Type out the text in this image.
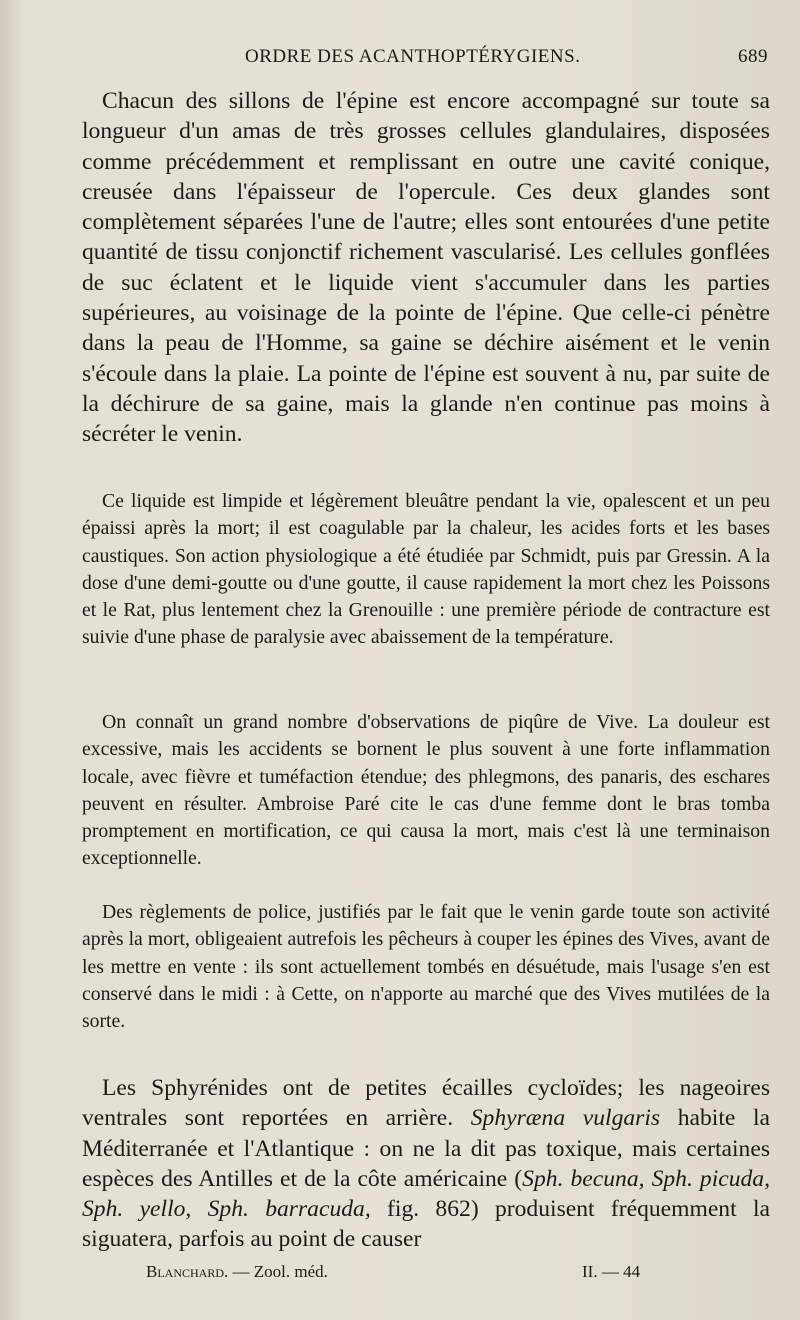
ORDRE DES ACANTHOPTÉRYGIENS.	689

Chacun des sillons de l'épine est encore accompagné sur toute sa longueur d'un amas de très grosses cellules glandulaires, disposées comme précédemment et remplissant en outre une cavité conique, creusée dans l'épaisseur de l'opercule. Ces deux glandes sont complètement séparées l'une de l'autre; elles sont entourées d'une petite quantité de tissu conjonctif richement vascularisé. Les cellules gonflées de suc éclatent et le liquide vient s'accumuler dans les parties supérieures, au voisinage de la pointe de l'épine. Que celle-ci pénètre dans la peau de l'Homme, sa gaine se déchire aisément et le venin s'écoule dans la plaie. La pointe de l'épine est souvent à nu, par suite de la déchirure de sa gaine, mais la glande n'en continue pas moins à sécréter le venin.

Ce liquide est limpide et légèrement bleuâtre pendant la vie, opalescent et un peu épaissi après la mort; il est coagulable par la chaleur, les acides forts et les bases caustiques. Son action physiologique a été étudiée par Schmidt, puis par Gressin. A la dose d'une demi-goutte ou d'une goutte, il cause rapidement la mort chez les Poissons et le Rat, plus lentement chez la Grenouille : une première période de contracture est suivie d'une phase de paralysie avec abaissement de la température.

On connaît un grand nombre d'observations de piqûre de Vive. La douleur est excessive, mais les accidents se bornent le plus souvent à une forte inflammation locale, avec fièvre et tuméfaction étendue; des phlegmons, des panaris, des eschares peuvent en résulter. Ambroise Paré cite le cas d'une femme dont le bras tomba promptement en mortification, ce qui causa la mort, mais c'est là une terminaison exceptionnelle.

Des règlements de police, justifiés par le fait que le venin garde toute son activité après la mort, obligeaient autrefois les pêcheurs à couper les épines des Vives, avant de les mettre en vente : ils sont actuellement tombés en désuétude, mais l'usage s'en est conservé dans le midi : à Cette, on n'apporte au marché que des Vives mutilées de la sorte.

Les Sphyrénides ont de petites écailles cycloïdes; les nageoires ventrales sont reportées en arrière. Sphyræna vulgaris habite la Méditerranée et l'Atlantique : on ne la dit pas toxique, mais certaines espèces des Antilles et de la côte américaine (Sph. becuna, Sph. picuda, Sph. yello, Sph. barracuda, fig. 862) produisent fréquemment la siguatera, parfois au point de causer

Blanchard. — Zool. méd.	II. — 44
